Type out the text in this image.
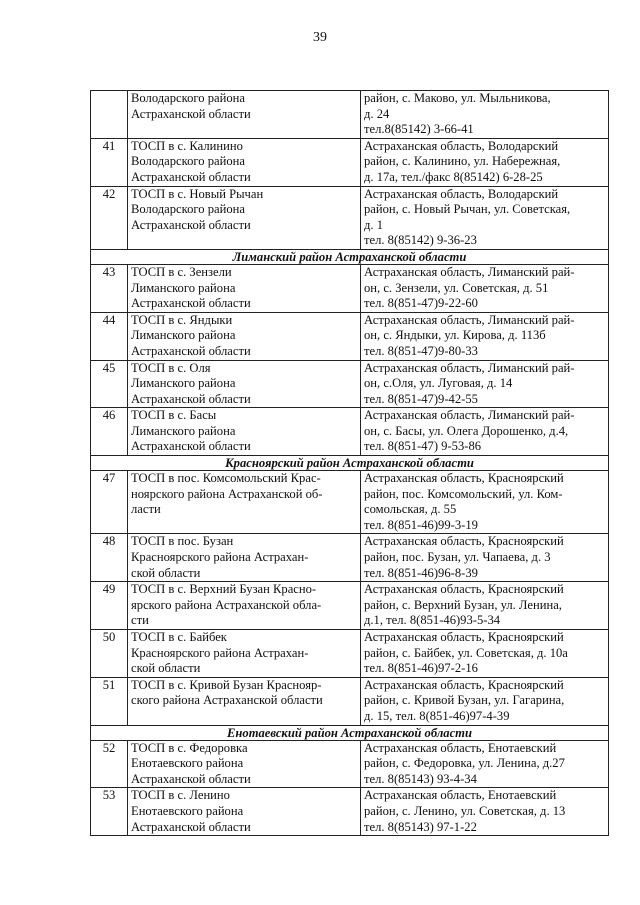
39

	Володарского района
Астраханской области	район, с. Маково, ул. Мыльникова,
д. 24
тел.8(85142) 3-66-41

41	ТОСП в с. Калинино
Володарского района
Астраханской области	Астраханская область, Володарский
район, с. Калинино, ул. Набережная,
д. 17а, тел./факс 8(85142) 6-28-25

42	ТОСП в с. Новый Рычан
Володарского района
Астраханской области	Астраханская область, Володарский
район, с. Новый Рычан, ул. Советская,
д. 1
тел. 8(85142) 9-36-23

Лиманский район Астраханской области		
43	ТОСП в с. Зензели
Лиманского района
Астраханской области	Астраханская область, Лиманский рай-
он, с. Зензели, ул. Советская, д. 51
тел. 8(851-47)9-22-60

44	ТОСП в с. Яндыки
Лиманского района
Астраханской области	Астраханская область, Лиманский рай-
он, с. Яндыки, ул. Кирова, д. 113б
тел. 8(851-47)9-80-33

45	ТОСП в с. Оля
Лиманского района
Астраханской области	Астраханская область, Лиманский рай-
он, с.Оля, ул. Луговая, д. 14
тел. 8(851-47)9-42-55

46	ТОСП в с. Басы
Лиманского района
Астраханской области	Астраханская область, Лиманский рай-
он, с. Басы, ул. Олега Дорошенко, д.4,
тел. 8(851-47) 9-53-86

Красноярский район Астраханской области		
47	ТОСП в пос. Комсомольский Крас-
ноярского района Астраханской об-
ласти	Астраханская область, Красноярский
район, пос. Комсомольский, ул. Ком-
сомольская, д. 55
тел. 8(851-46)99-3-19

48	ТОСП в пос. Бузан
Красноярского района Астрахан-
ской области	Астраханская область, Красноярский
район, пос. Бузан, ул. Чапаева, д. 3
тел. 8(851-46)96-8-39

49	ТОСП в с. Верхний Бузан Красно-
ярского района Астраханской обла-
сти	Астраханская область, Красноярский
район, с. Верхний Бузан, ул. Ленина,
д.1, тел. 8(851-46)93-5-34

50	ТОСП в с. Байбек
Красноярского района Астрахан-
ской области	Астраханская область, Красноярский
район, с. Байбек, ул. Советская, д. 10а
тел. 8(851-46)97-2-16

51	ТОСП в с. Кривой Бузан Краснояр-
ского района Астраханской области	Астраханская область, Красноярский
район, с. Кривой Бузан, ул. Гагарина,
д. 15, тел. 8(851-46)97-4-39

Енотаевский район Астраханской области		
52	ТОСП в с. Федоровка
Енотаевского района
Астраханской области	Астраханская область, Енотаевский
район, с. Федоровка, ул. Ленина, д.27
тел. 8(85143) 93-4-34

53	ТОСП в с. Ленино
Енотаевского района
Астраханской области	Астраханская область, Енотаевский
район, с. Ленино, ул. Советская, д. 13
тел. 8(85143) 97-1-22
